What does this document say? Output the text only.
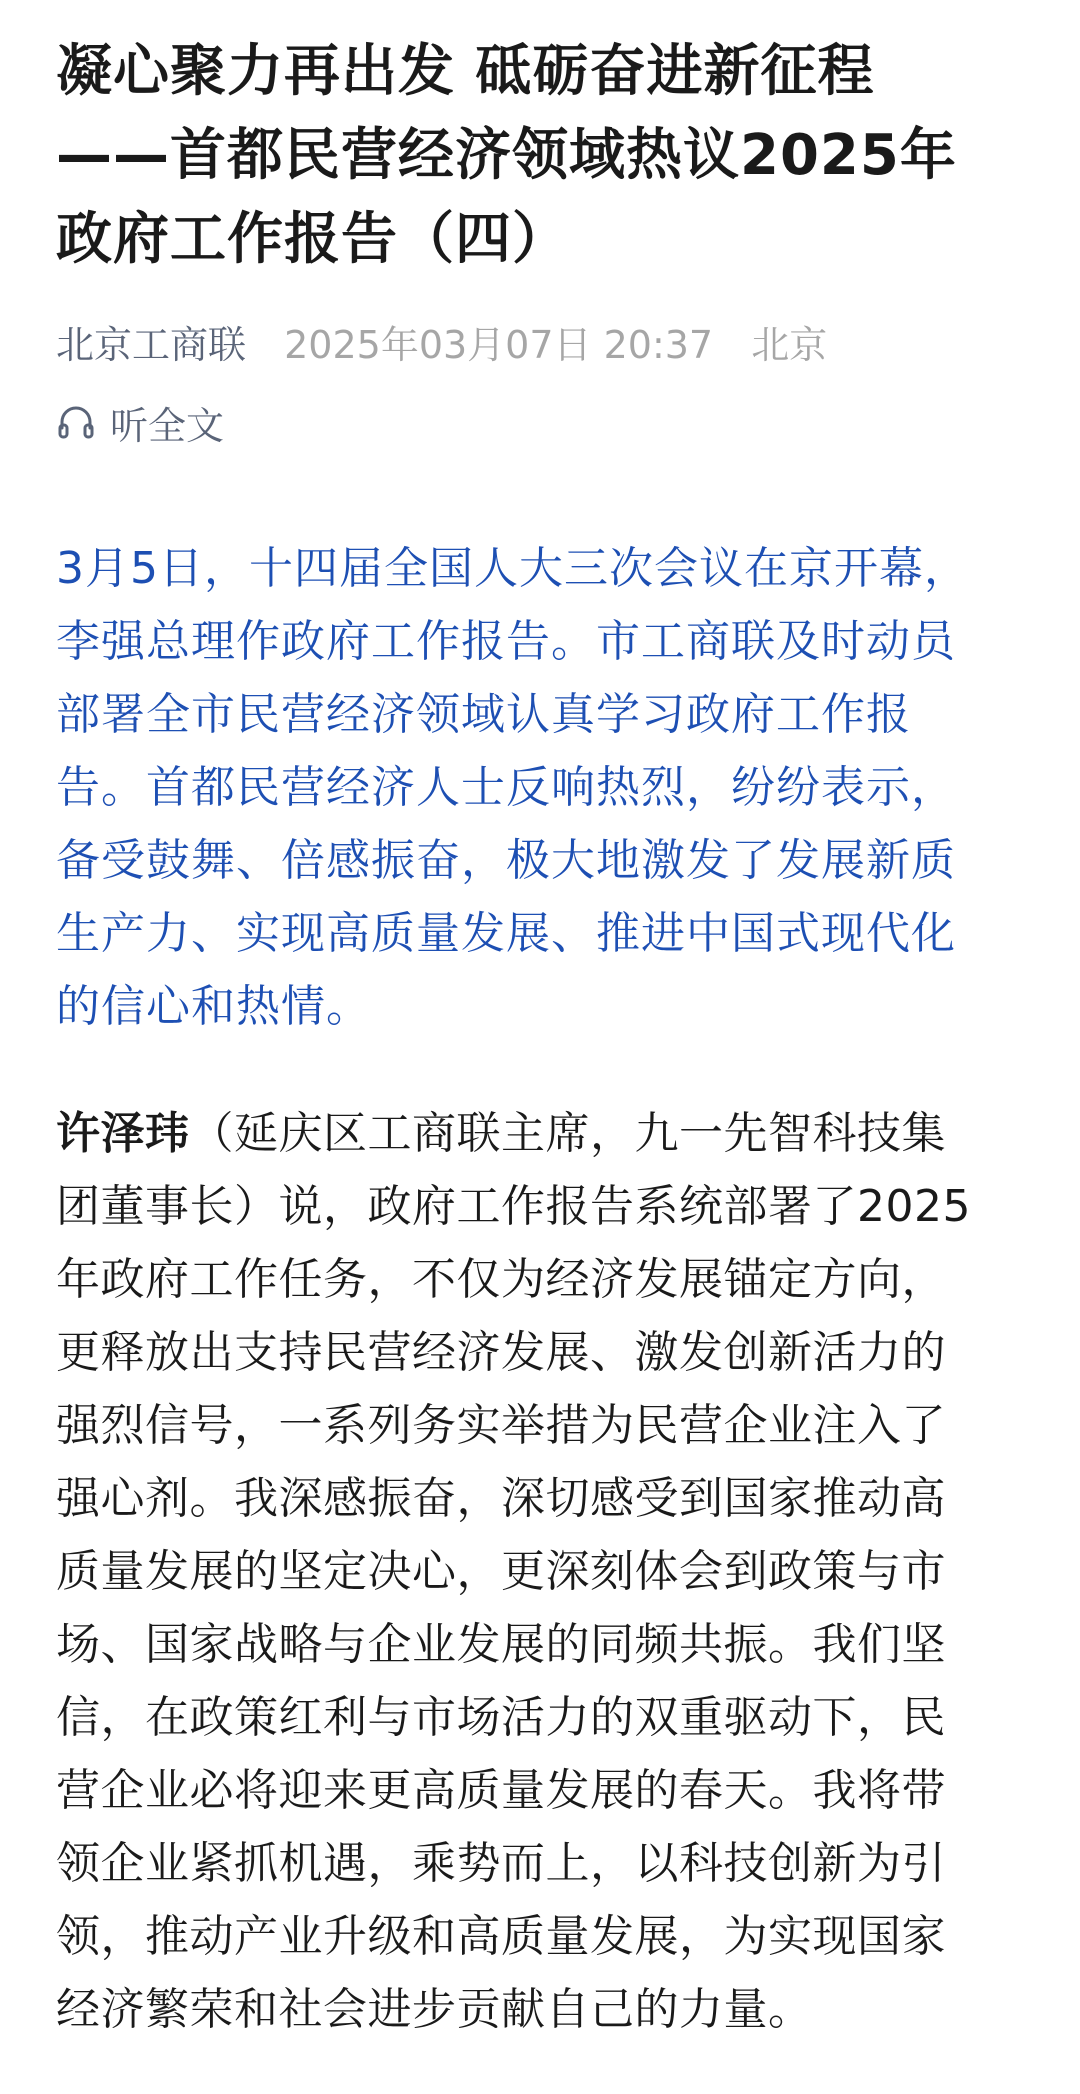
凝心聚力再出发 砥砺奋进新征程
——首都民营经济领域热议2025年
政府工作报告（四）
北京工商联 2025年03月07日 20:37 北京
听全文
3月5日，十四届全国人大三次会议在京开幕，
李强总理作政府工作报告。市工商联及时动员
部署全市民营经济领域认真学习政府工作报
告。首都民营经济人士反响热烈，纷纷表示，
备受鼓舞、倍感振奋，极大地激发了发展新质
生产力、实现高质量发展、推进中国式现代化
的信心和热情。
许泽玮（延庆区工商联主席，九一先智科技集
团董事长）说，政府工作报告系统部署了2025
年政府工作任务，不仅为经济发展锚定方向，
更释放出支持民营经济发展、激发创新活力的
强烈信号，一系列务实举措为民营企业注入了
强心剂。我深感振奋，深切感受到国家推动高
质量发展的坚定决心，更深刻体会到政策与市
场、国家战略与企业发展的同频共振。我们坚
信，在政策红利与市场活力的双重驱动下，民
营企业必将迎来更高质量发展的春天。我将带
领企业紧抓机遇，乘势而上，以科技创新为引
领，推动产业升级和高质量发展，为实现国家
经济繁荣和社会进步贡献自己的力量。
